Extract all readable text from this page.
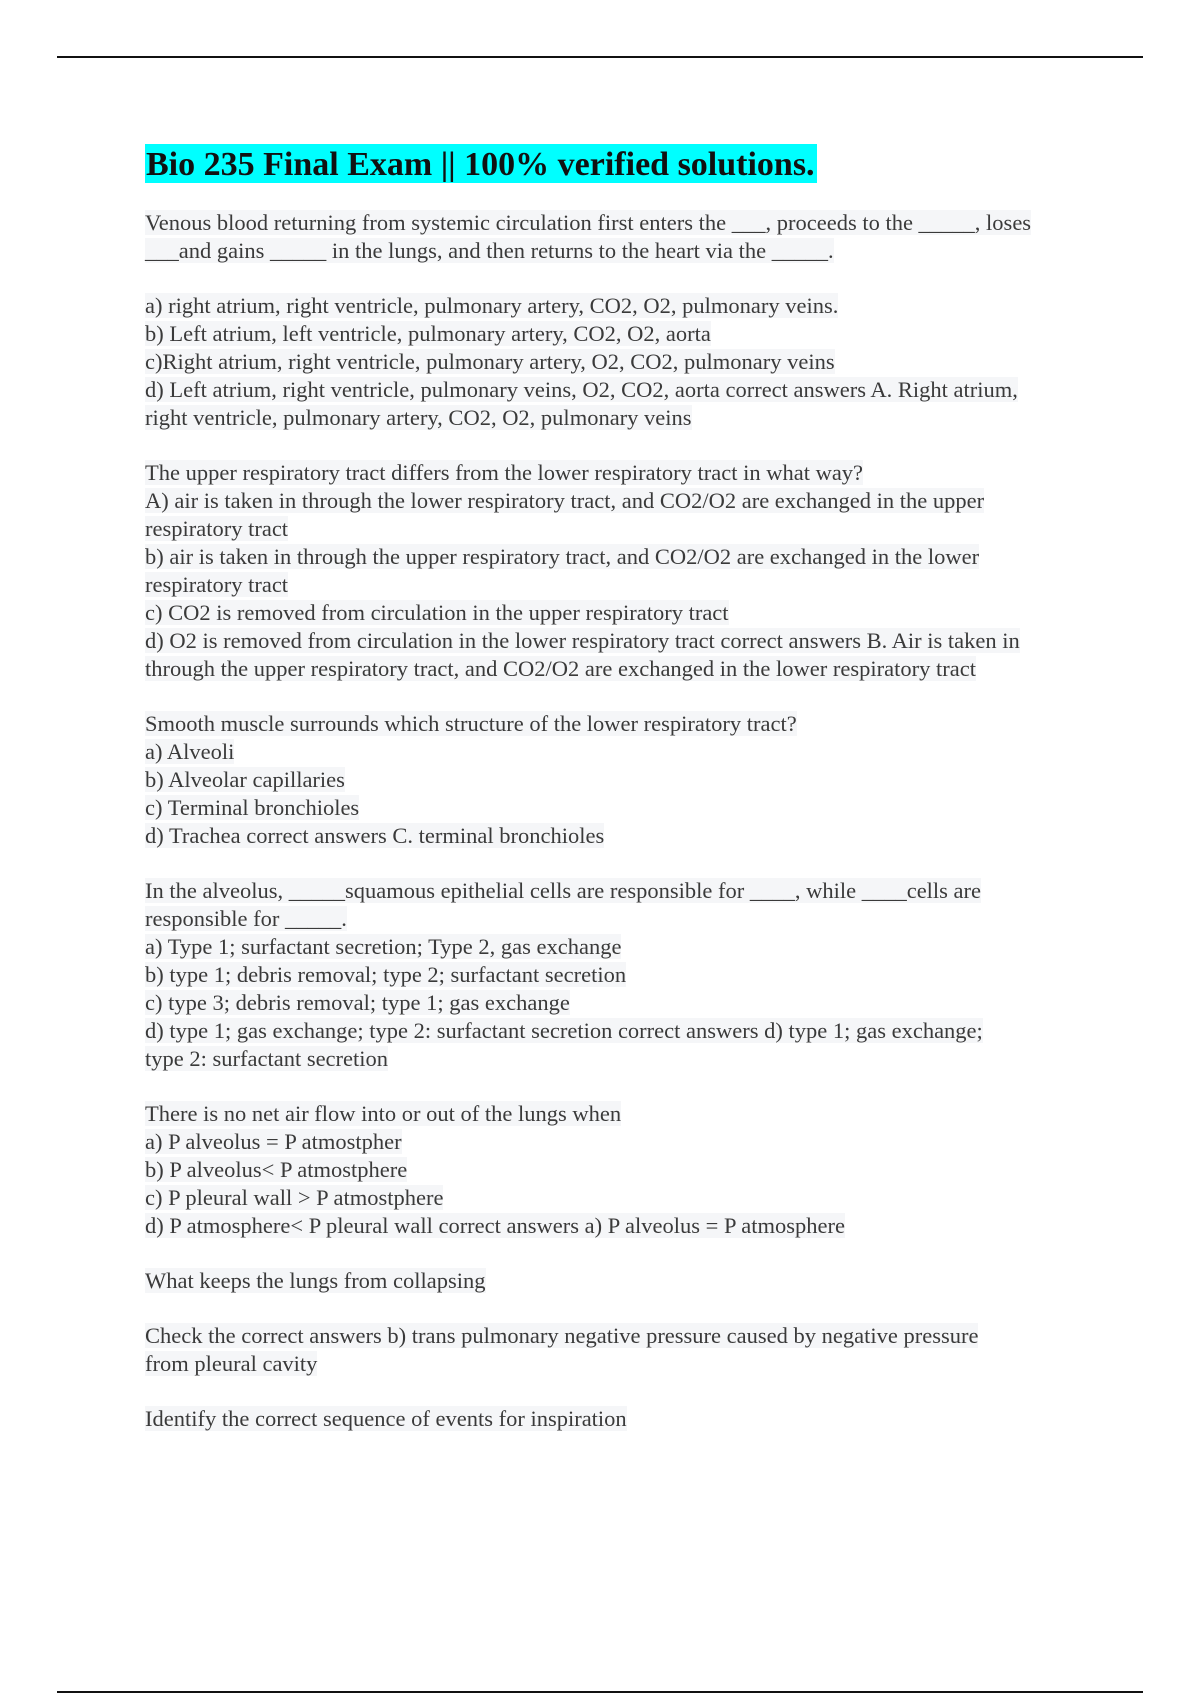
Bio 235 Final Exam || 100% verified solutions.
Venous blood returning from systemic circulation first enters the ___, proceeds to the _____, loses
___and gains _____ in the lungs, and then returns to the heart via the _____.
a) right atrium, right ventricle, pulmonary artery, CO2, O2, pulmonary veins.
b) Left atrium, left ventricle, pulmonary artery, CO2, O2, aorta
c)Right atrium, right ventricle, pulmonary artery, O2, CO2, pulmonary veins
d) Left atrium, right ventricle, pulmonary veins, O2, CO2, aorta correct answers A. Right atrium,
right ventricle, pulmonary artery, CO2, O2, pulmonary veins
The upper respiratory tract differs from the lower respiratory tract in what way?
A) air is taken in through the lower respiratory tract, and CO2/O2 are exchanged in the upper
respiratory tract
b) air is taken in through the upper respiratory tract, and CO2/O2 are exchanged in the lower
respiratory tract
c) CO2 is removed from circulation in the upper respiratory tract
d) O2 is removed from circulation in the lower respiratory tract correct answers B. Air is taken in
through the upper respiratory tract, and CO2/O2 are exchanged in the lower respiratory tract
Smooth muscle surrounds which structure of the lower respiratory tract?
a) Alveoli
b) Alveolar capillaries
c) Terminal bronchioles
d) Trachea correct answers C. terminal bronchioles
In the alveolus, _____squamous epithelial cells are responsible for ____, while ____cells are
responsible for _____.
a) Type 1; surfactant secretion; Type 2, gas exchange
b) type 1; debris removal; type 2; surfactant secretion
c) type 3; debris removal; type 1; gas exchange
d) type 1; gas exchange; type 2: surfactant secretion correct answers d) type 1; gas exchange;
type 2: surfactant secretion
There is no net air flow into or out of the lungs when
a) P alveolus = P atmostpher
b) P alveolus< P atmostphere
c) P pleural wall > P atmostphere
d) P atmosphere< P pleural wall correct answers a) P alveolus = P atmosphere
What keeps the lungs from collapsing
Check the correct answers b) trans pulmonary negative pressure caused by negative pressure
from pleural cavity
Identify the correct sequence of events for inspiration
